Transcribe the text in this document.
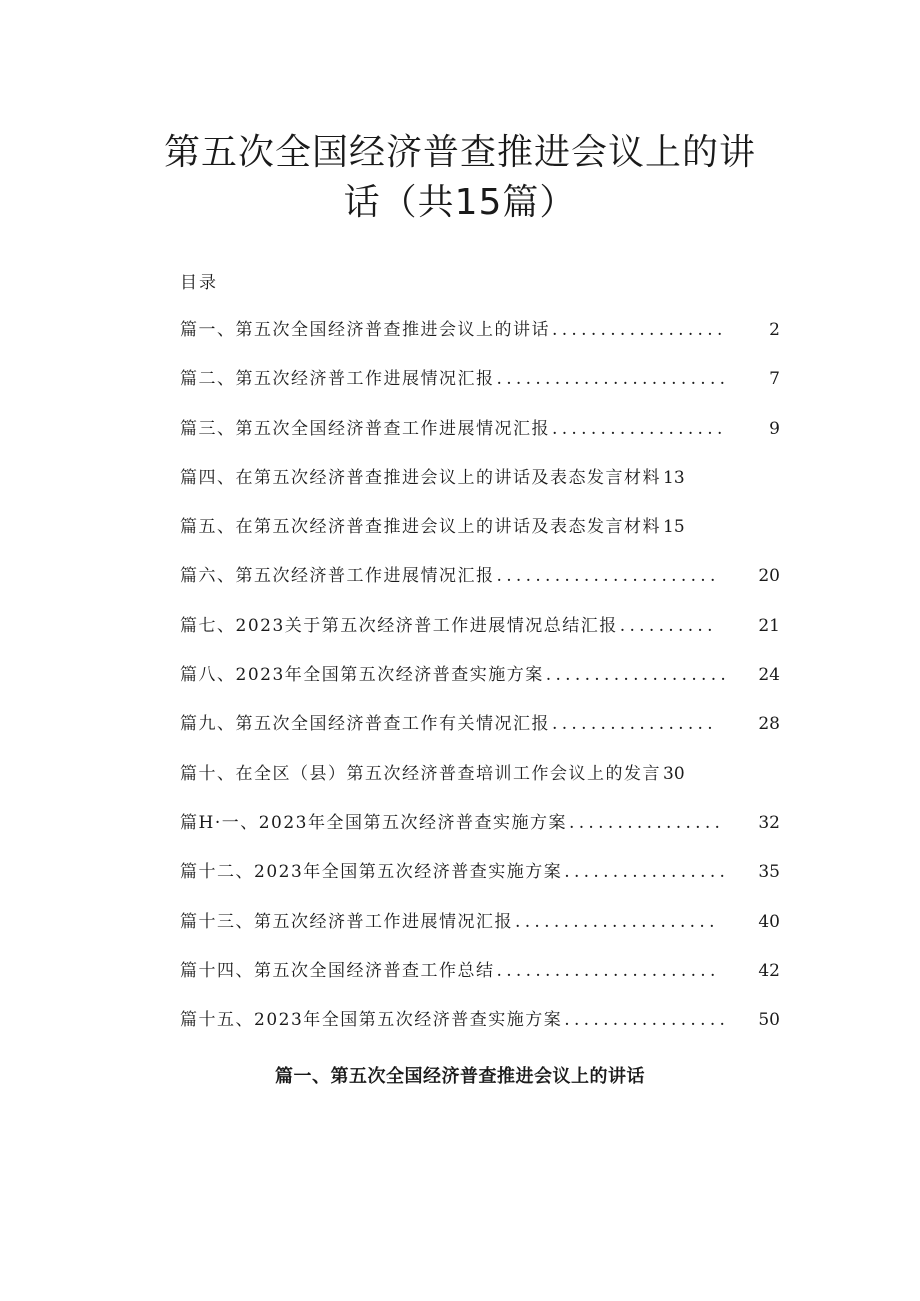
第五次全国经济普查推进会议上的讲
话（共15篇）
目录
篇一、第五次全国经济普查推进会议上的讲话 ..................	2
篇二、第五次经济普工作进展情况汇报 ........................	7
篇三、第五次全国经济普查工作进展情况汇报 ..................	9
篇四、在第五次经济普查推进会议上的讲话及表态发言材料 13
篇五、在第五次经济普查推进会议上的讲话及表态发言材料 15
篇六、第五次经济普工作进展情况汇报 .......................	20
篇七、2023关于第五次经济普工作进展情况总结汇报 ..........	21
篇八、2023年全国第五次经济普查实施方案 ...................	24
篇九、第五次全国经济普查工作有关情况汇报 .................	28
篇十、在全区（县）第五次经济普查培训工作会议上的发言 30
篇H·一、2023年全国第五次经济普查实施方案 ................	32
篇十二、2023年全国第五次经济普查实施方案 .................	35
篇十三、第五次经济普工作进展情况汇报 .....................	40
篇十四、第五次全国经济普查工作总结 .......................	42
篇十五、2023年全国第五次经济普查实施方案 .................	50
篇一、第五次全国经济普查推进会议上的讲话
